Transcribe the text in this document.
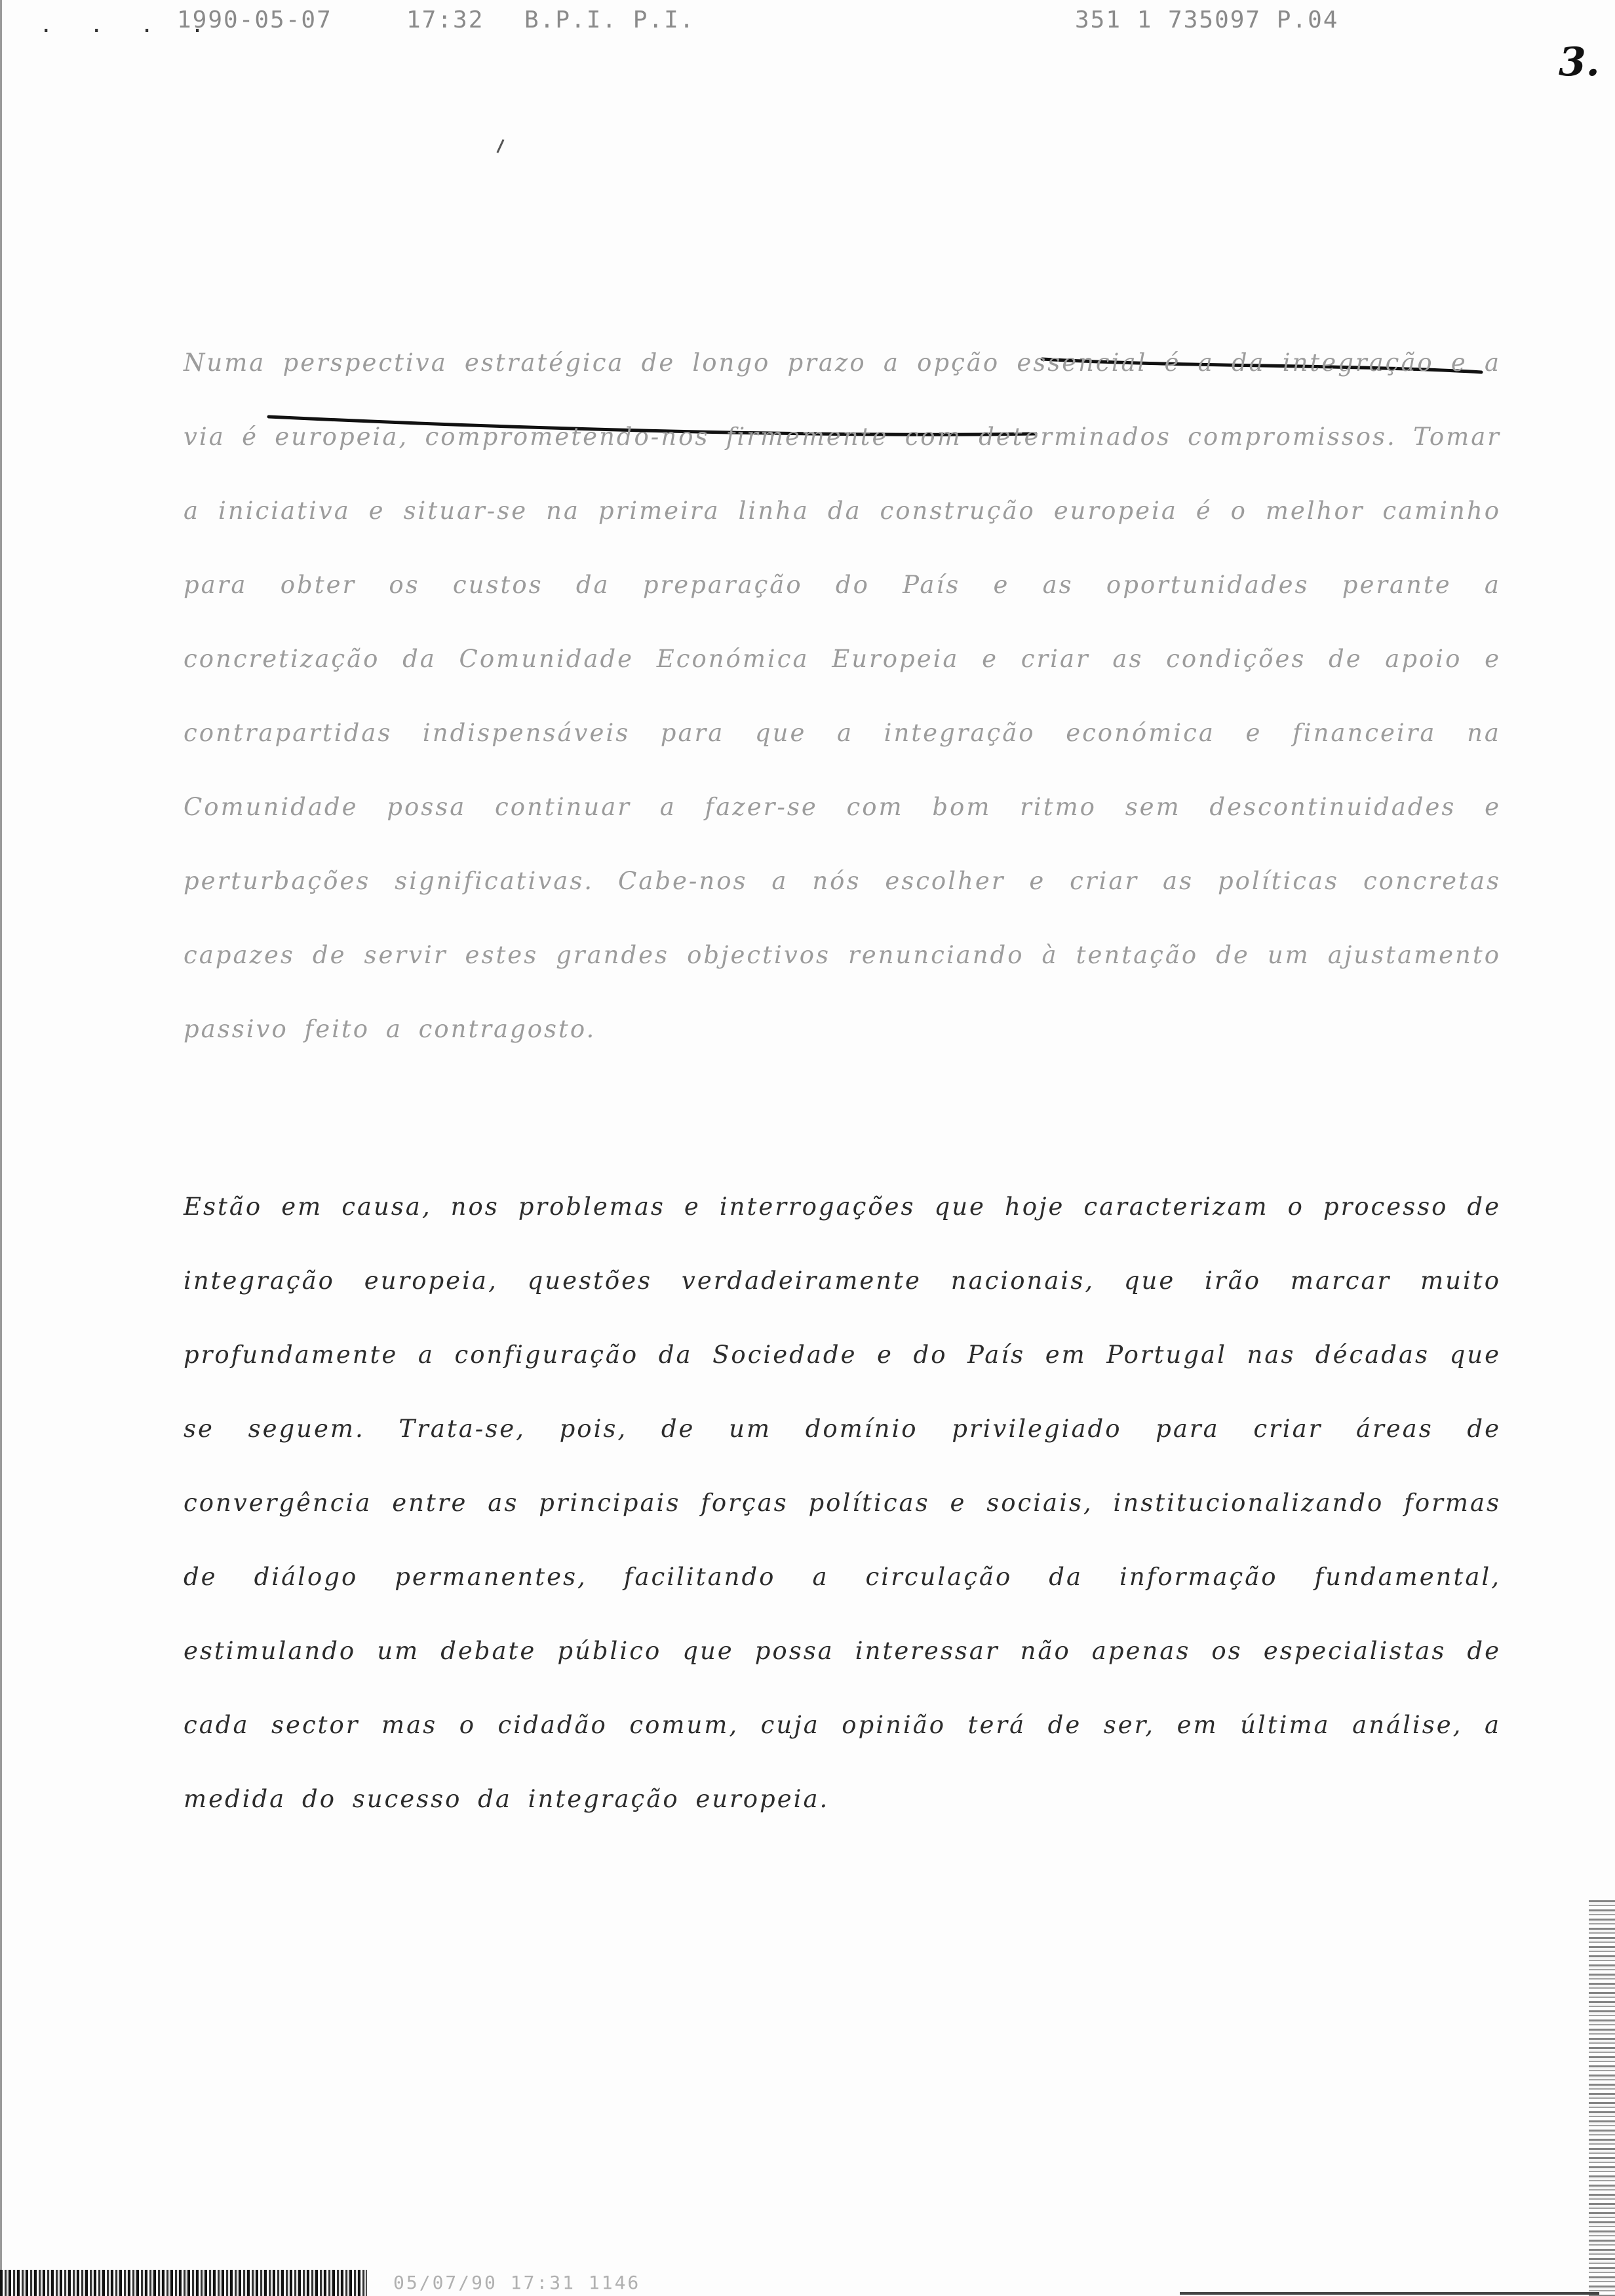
. . . .
1990-05-07	17:32 B.P.I. P.I.	351 1 735097 P.04
3.

Numa perspectiva estratégica de longo prazo a opção essencial é a da integração e a via é europeia, comprometendo-nos firmemente com determinados compromissos. Tomar a iniciativa e situar-se na primeira linha da construção europeia é o melhor caminho para obter os custos da preparação do País e as oportunidades perante a concretização da Comunidade Económica Europeia e criar as condições de apoio e contrapartidas indispensáveis para que a integração económica e financeira na Comunidade possa continuar a fazer-se com bom ritmo sem descontinuidades e perturbações significativas. Cabe-nos a nós escolher e criar as políticas concretas capazes de servir estes grandes objectivos renunciando à tentação de um ajustamento passivo feito a contragosto.

Estão em causa, nos problemas e interrogações que hoje caracterizam o processo de integração europeia, questões verdadeiramente nacionais, que irão marcar muito profundamente a configuração da Sociedade e do País em Portugal nas décadas que se seguem. Trata-se, pois, de um domínio privilegiado para criar áreas de convergência entre as principais forças políticas e sociais, institucionalizando formas de diálogo permanentes, facilitando a circulação da informação fundamental, estimulando um debate público que possa interessar não apenas os especialistas de cada sector mas o cidadão comum, cuja opinião terá de ser, em última análise, a medida do sucesso da integração europeia.

05/07/90 17:31 1146
